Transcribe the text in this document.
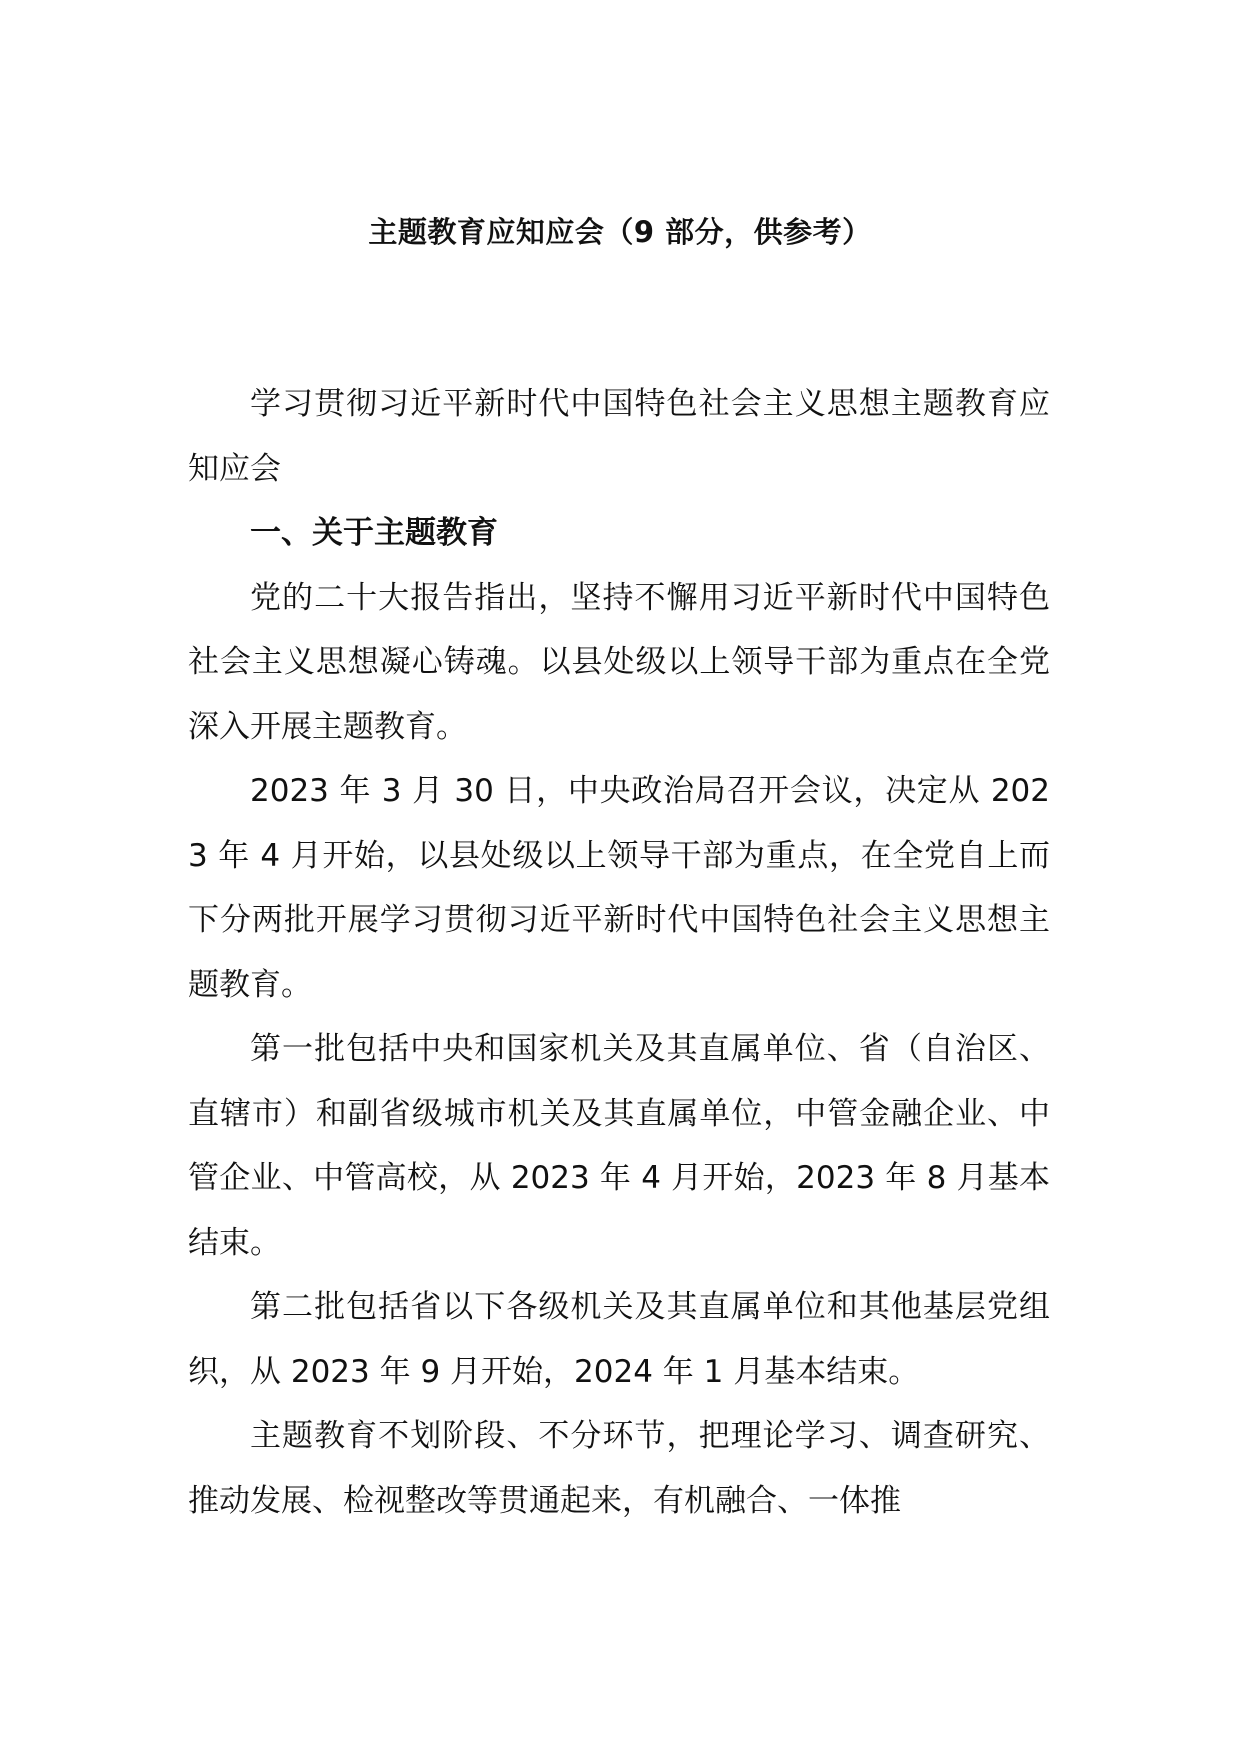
主题教育应知应会（9 部分，供参考）

学习贯彻习近平新时代中国特色社会主义思想主题教育应知应会

一、关于主题教育

党的二十大报告指出，坚持不懈用习近平新时代中国特色社会主义思想凝心铸魂。以县处级以上领导干部为重点在全党深入开展主题教育。

2023 年 3 月 30 日，中央政治局召开会议，决定从 2023 年 4 月开始，以县处级以上领导干部为重点，在全党自上而下分两批开展学习贯彻习近平新时代中国特色社会主义思想主题教育。

第一批包括中央和国家机关及其直属单位、省（自治区、直辖市）和副省级城市机关及其直属单位，中管金融企业、中管企业、中管高校，从 2023 年 4 月开始，2023 年 8 月基本结束。

第二批包括省以下各级机关及其直属单位和其他基层党组织，从 2023 年 9 月开始，2024 年 1 月基本结束。

主题教育不划阶段、不分环节，把理论学习、调查研究、推动发展、检视整改等贯通起来，有机融合、一体推
